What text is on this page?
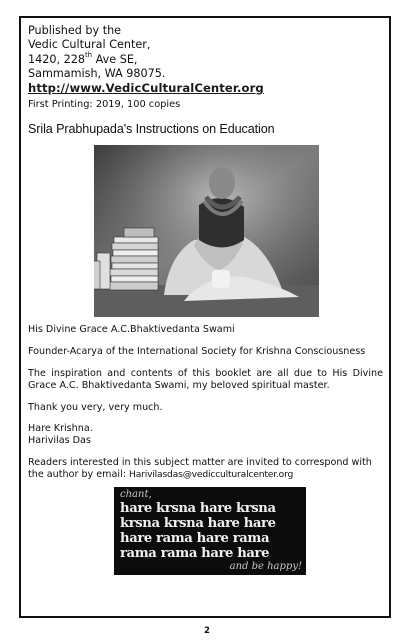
Published by the
Vedic Cultural Center,
1420, 228th Ave SE,
Sammamish, WA 98075.
http://www.VedicCulturalCenter.org
First Printing: 2019, 100 copies
Srila Prabhupada's Instructions on Education
His Divine Grace A.C.Bhaktivedanta Swami
Founder-Acarya of the International Society for Krishna Consciousness
The inspiration and contents of this booklet are all due to His Divine Grace A.C. Bhaktivedanta Swami, my beloved spiritual master.
Thank you very, very much.
Hare Krishna.
Harivilas Das
Readers interested in this subject matter are invited to correspond with the author by email: Harivilasdas@vedicculturalcenter.org
chant,
hare krsna hare krsna
krsna krsna hare hare
hare rama hare rama
rama rama hare hare
and be happy!
2
